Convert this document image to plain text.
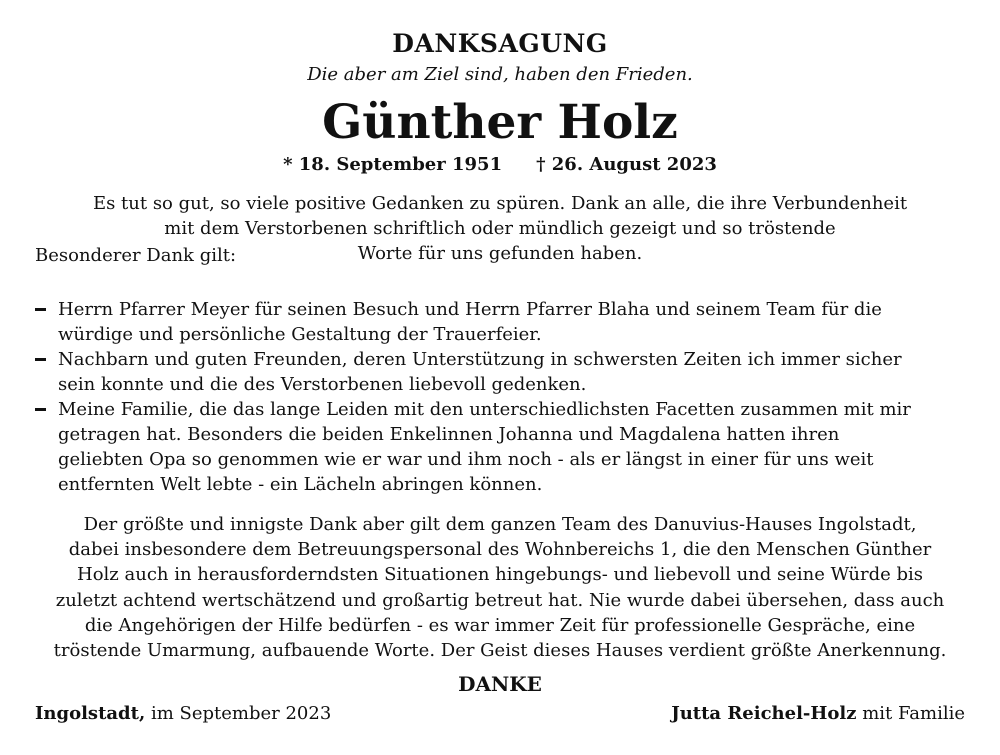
DANKSAGUNG
Die aber am Ziel sind, haben den Frieden.
Günther Holz
* 18. September 1951 † 26. August 2023
Es tut so gut, so viele positive Gedanken zu spüren. Dank an alle, die ihre Verbundenheit
mit dem Verstorbenen schriftlich oder mündlich gezeigt und so tröstende
Worte für uns gefunden haben.
Besonderer Dank gilt:
Herrn Pfarrer Meyer für seinen Besuch und Herrn Pfarrer Blaha und seinem Team für die
würdige und persönliche Gestaltung der Trauerfeier.
Nachbarn und guten Freunden, deren Unterstützung in schwersten Zeiten ich immer sicher
sein konnte und die des Verstorbenen liebevoll gedenken.
Meine Familie, die das lange Leiden mit den unterschiedlichsten Facetten zusammen mit mir
getragen hat. Besonders die beiden Enkelinnen Johanna und Magdalena hatten ihren
geliebten Opa so genommen wie er war und ihm noch - als er längst in einer für uns weit
entfernten Welt lebte - ein Lächeln abringen können.
Der größte und innigste Dank aber gilt dem ganzen Team des Danuvius-Hauses Ingolstadt,
dabei insbesondere dem Betreuungspersonal des Wohnbereichs 1, die den Menschen Günther
Holz auch in herausforderndsten Situationen hingebungs- und liebevoll und seine Würde bis
zuletzt achtend wertschätzend und großartig betreut hat. Nie wurde dabei übersehen, dass auch
die Angehörigen der Hilfe bedürfen - es war immer Zeit für professionelle Gespräche, eine
tröstende Umarmung, aufbauende Worte. Der Geist dieses Hauses verdient größte Anerkennung.
DANKE
Ingolstadt, im September 2023	Jutta Reichel-Holz mit Familie
